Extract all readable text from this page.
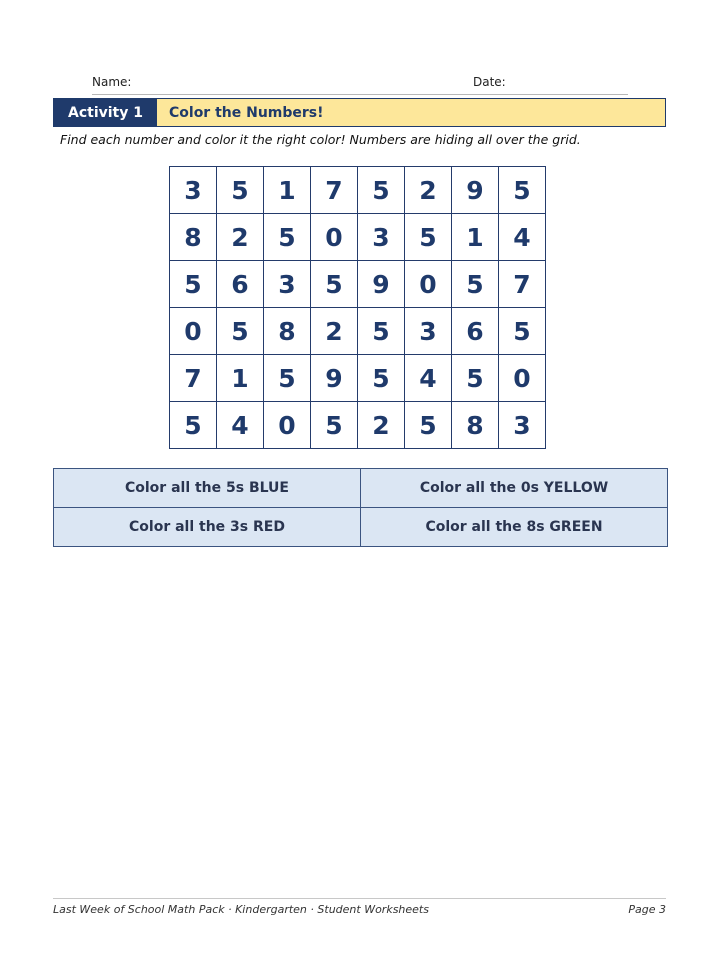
Name:	Date:
Activity 1	Color the Numbers!
Find each number and color it the right color! Numbers are hiding all over the grid.
3	5	1	7	5	2	9	5
8	2	5	0	3	5	1	4
5	6	3	5	9	0	5	7
0	5	8	2	5	3	6	5
7	1	5	9	5	4	5	0
5	4	0	5	2	5	8	3
Color all the 5s BLUE	Color all the 0s YELLOW
Color all the 3s RED	Color all the 8s GREEN
Last Week of School Math Pack · Kindergarten · Student Worksheets	Page 3
